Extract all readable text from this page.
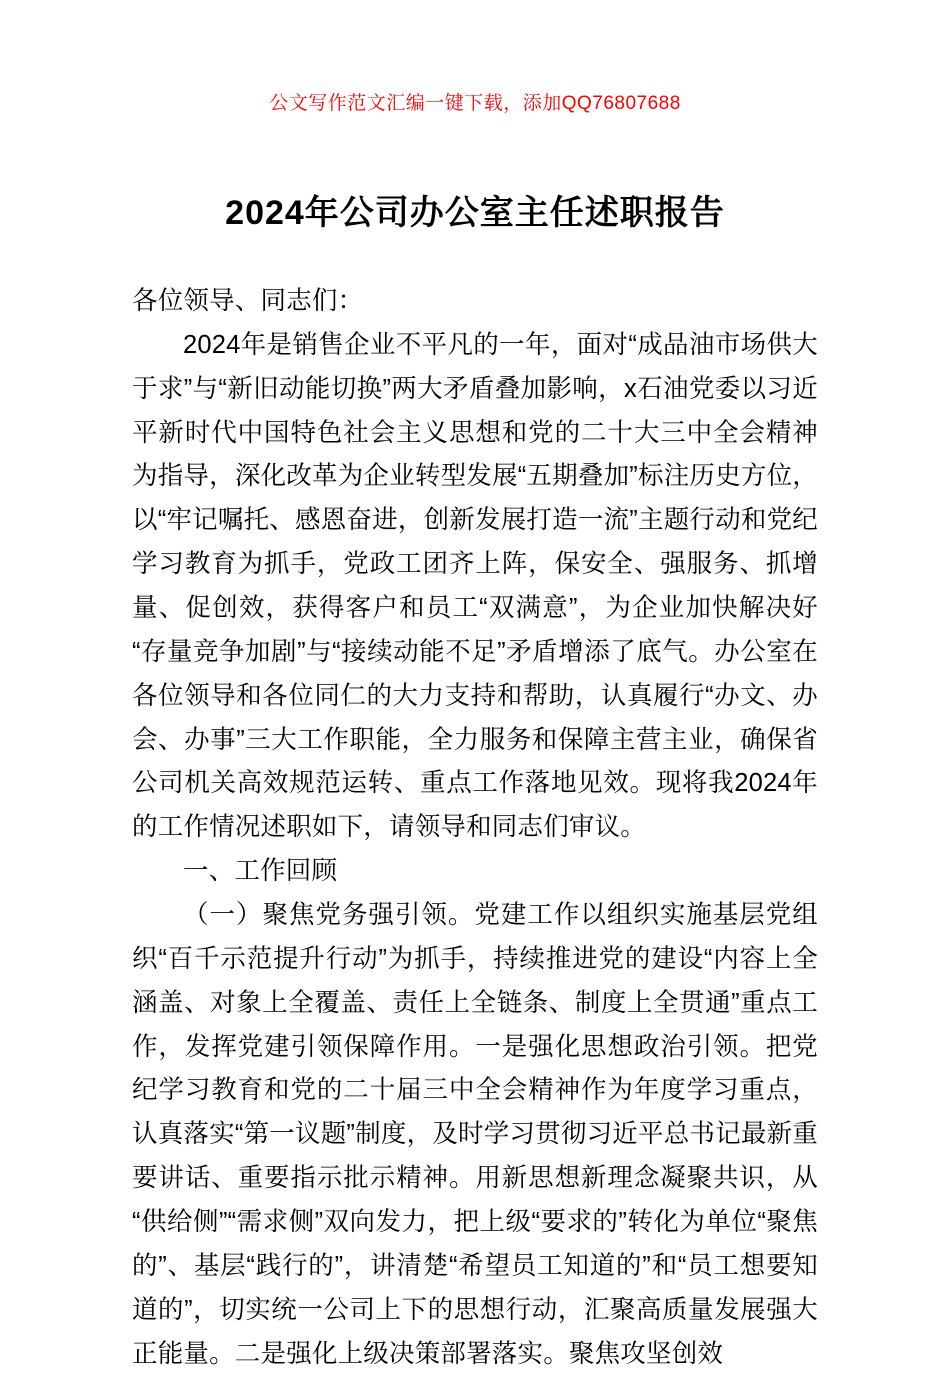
公文写作范文汇编一键下载，添加QQ76807688
2024年公司办公室主任述职报告

各位领导、同志们：

2024年是销售企业不平凡的一年，面对“成品油市场供大于求”与“新旧动能切换”两大矛盾叠加影响，x石油党委以习近平新时代中国特色社会主义思想和党的二十大三中全会精神为指导，深化改革为企业转型发展“五期叠加”标注历史方位，以“牢记嘱托、感恩奋进，创新发展打造一流”主题行动和党纪学习教育为抓手，党政工团齐上阵，保安全、强服务、抓增量、促创效，获得客户和员工“双满意”，为企业加快解决好“存量竞争加剧”与“接续动能不足”矛盾增添了底气。办公室在各位领导和各位同仁的大力支持和帮助，认真履行“办文、办会、办事”三大工作职能，全力服务和保障主营主业，确保省公司机关高效规范运转、重点工作落地见效。现将我2024年的工作情况述职如下，请领导和同志们审议。

一、工作回顾

（一）聚焦党务强引领。党建工作以组织实施基层党组织“百千示范提升行动”为抓手，持续推进党的建设“内容上全涵盖、对象上全覆盖、责任上全链条、制度上全贯通”重点工作，发挥党建引领保障作用。一是强化思想政治引领。把党纪学习教育和党的二十届三中全会精神作为年度学习重点，认真落实“第一议题”制度，及时学习贯彻习近平总书记最新重要讲话、重要指示批示精神。用新思想新理念凝聚共识，从“供给侧”“需求侧”双向发力，把上级“要求的”转化为单位“聚焦的”、基层“践行的”，讲清楚“希望员工知道的”和“员工想要知道的”，切实统一公司上下的思想行动，汇聚高质量发展强大正能量。二是强化上级决策部署落实。聚焦攻坚创效
